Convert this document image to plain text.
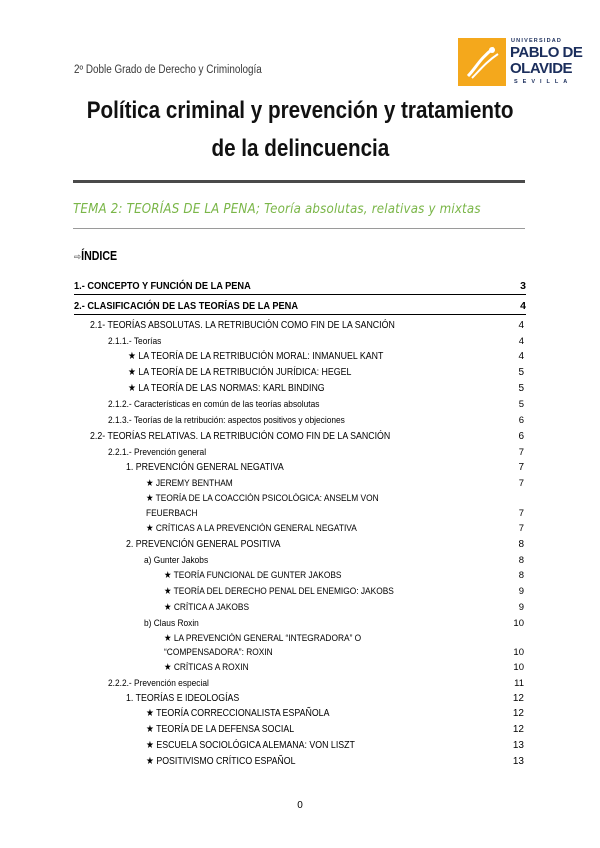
2º Doble Grado de Derecho y Criminología
UNIVERSIDAD
PABLO DE
OLAVIDE
SEVILLA
Política criminal y prevención y tratamiento
de la delincuencia
TEMA 2: TEORÍAS DE LA PENA; Teoría absolutas, relativas y mixtas
⇨ÍNDICE
1.- CONCEPTO Y FUNCIÓN DE LA PENA	3
2.- CLASIFICACIÓN DE LAS TEORÍAS DE LA PENA	4
2.1- TEORÍAS ABSOLUTAS. LA RETRIBUCIÓN COMO FIN DE LA SANCIÓN	4
2.1.1.- Teorías	4
★ LA TEORÍA DE LA RETRIBUCIÓN MORAL: INMANUEL KANT	4
★ LA TEORÍA DE LA RETRIBUCIÓN JURÍDICA: HEGEL	5
★ LA TEORÍA DE LAS NORMAS: KARL BINDING	5
2.1.2.- Características en común de las teorías absolutas	5
2.1.3.- Teorías de la retribución: aspectos positivos y objeciones	6
2.2- TEORÍAS RELATIVAS. LA RETRIBUCIÓN COMO FIN DE LA SANCIÓN	6
2.2.1.- Prevención general	7
1. PREVENCIÓN GENERAL NEGATIVA	7
★ JEREMY BENTHAM	7
★ TEORÍA DE LA COACCIÓN PSICOLÓGICA: ANSELM VON
FEUERBACH	7
★ CRÍTICAS A LA PREVENCIÓN GENERAL NEGATIVA	7
2. PREVENCIÓN GENERAL POSITIVA	8
a) Gunter Jakobs	8
★ TEORÍA FUNCIONAL DE GUNTER JAKOBS	8
★ TEORÍA DEL DERECHO PENAL DEL ENEMIGO: JAKOBS	9
★ CRÍTICA A JAKOBS	9
b) Claus Roxin	10
★ LA PREVENCIÓN GENERAL “INTEGRADORA” O
“COMPENSADORA”: ROXIN	10
★ CRÍTICAS A ROXIN	10
2.2.2.- Prevención especial	11
1. TEORÍAS E IDEOLOGÍAS	12
★ TEORÍA CORRECCIONALISTA ESPAÑOLA	12
★ TEORÍA DE LA DEFENSA SOCIAL	12
★ ESCUELA SOCIOLÓGICA ALEMANA: VON LISZT	13
★ POSITIVISMO CRÍTICO ESPAÑOL	13
0
